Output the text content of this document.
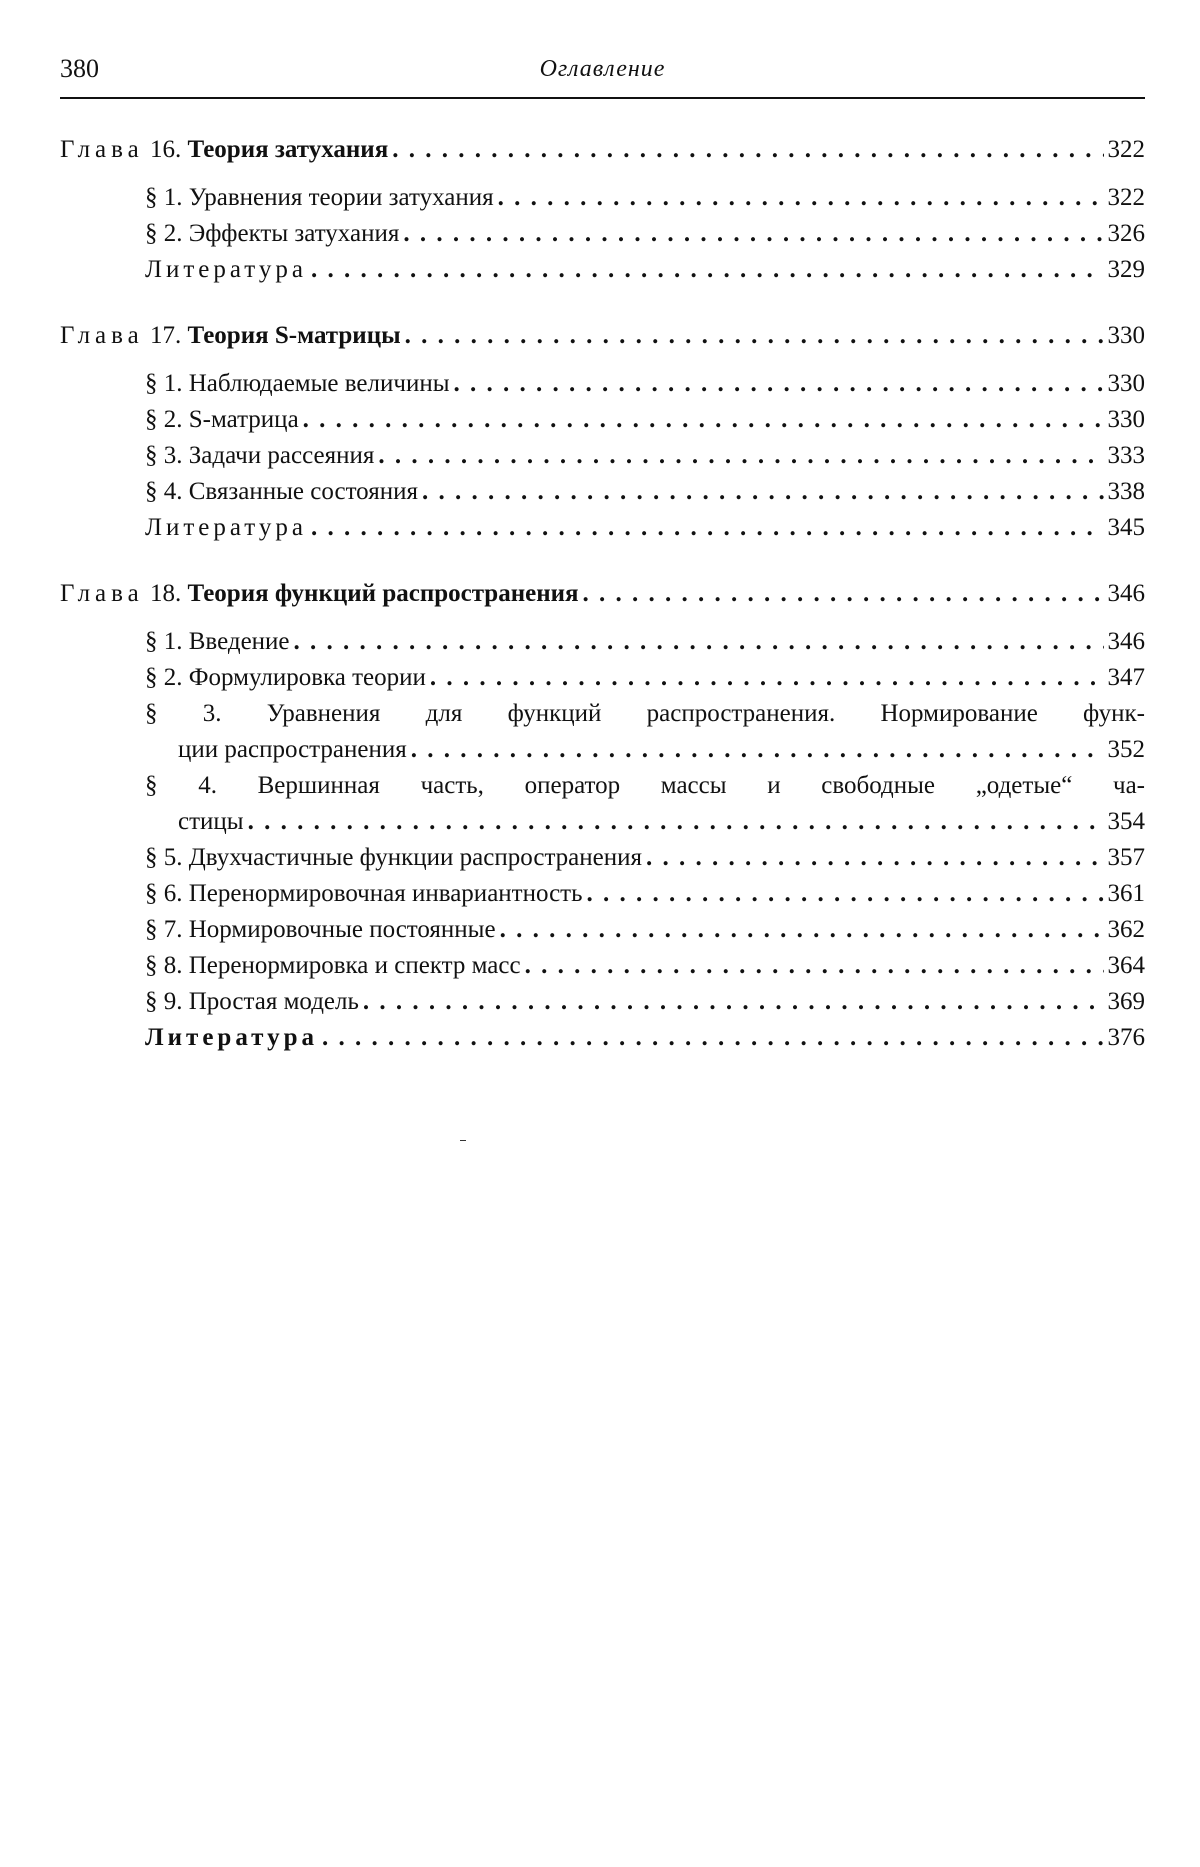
380	Оглавление
Глава 16. Теория затухания . . .	322
§ 1. Уравнения теории затухания . . .	322
§ 2. Эффекты затухания . . .	326
Литература . . .	329
Глава 17. Теория S-матрицы . . .	330
§ 1. Наблюдаемые величины . . .	330
§ 2. S-матрица . . .	330
§ 3. Задачи рассеяния . . .	333
§ 4. Связанные состояния . . .	338
Литература . . .	345
Глава 18. Теория функций распространения . . .	346
§ 1. Введение . . .	346
§ 2. Формулировка теории . . .	347
§ 3. Уравнения для функций распространения. Нормирование функ-
ции распространения . . .	352
§ 4. Вершинная часть, оператор массы и свободные „одетые“ ча-
стицы . . .	354
§ 5. Двухчастичные функции распространения . . .	357
§ 6. Перенормировочная инвариантность . . .	361
§ 7. Нормировочные постоянные . . .	362
§ 8. Перенормировка и спектр масс . . .	364
§ 9. Простая модель . . .	369
Литература . . .	376
